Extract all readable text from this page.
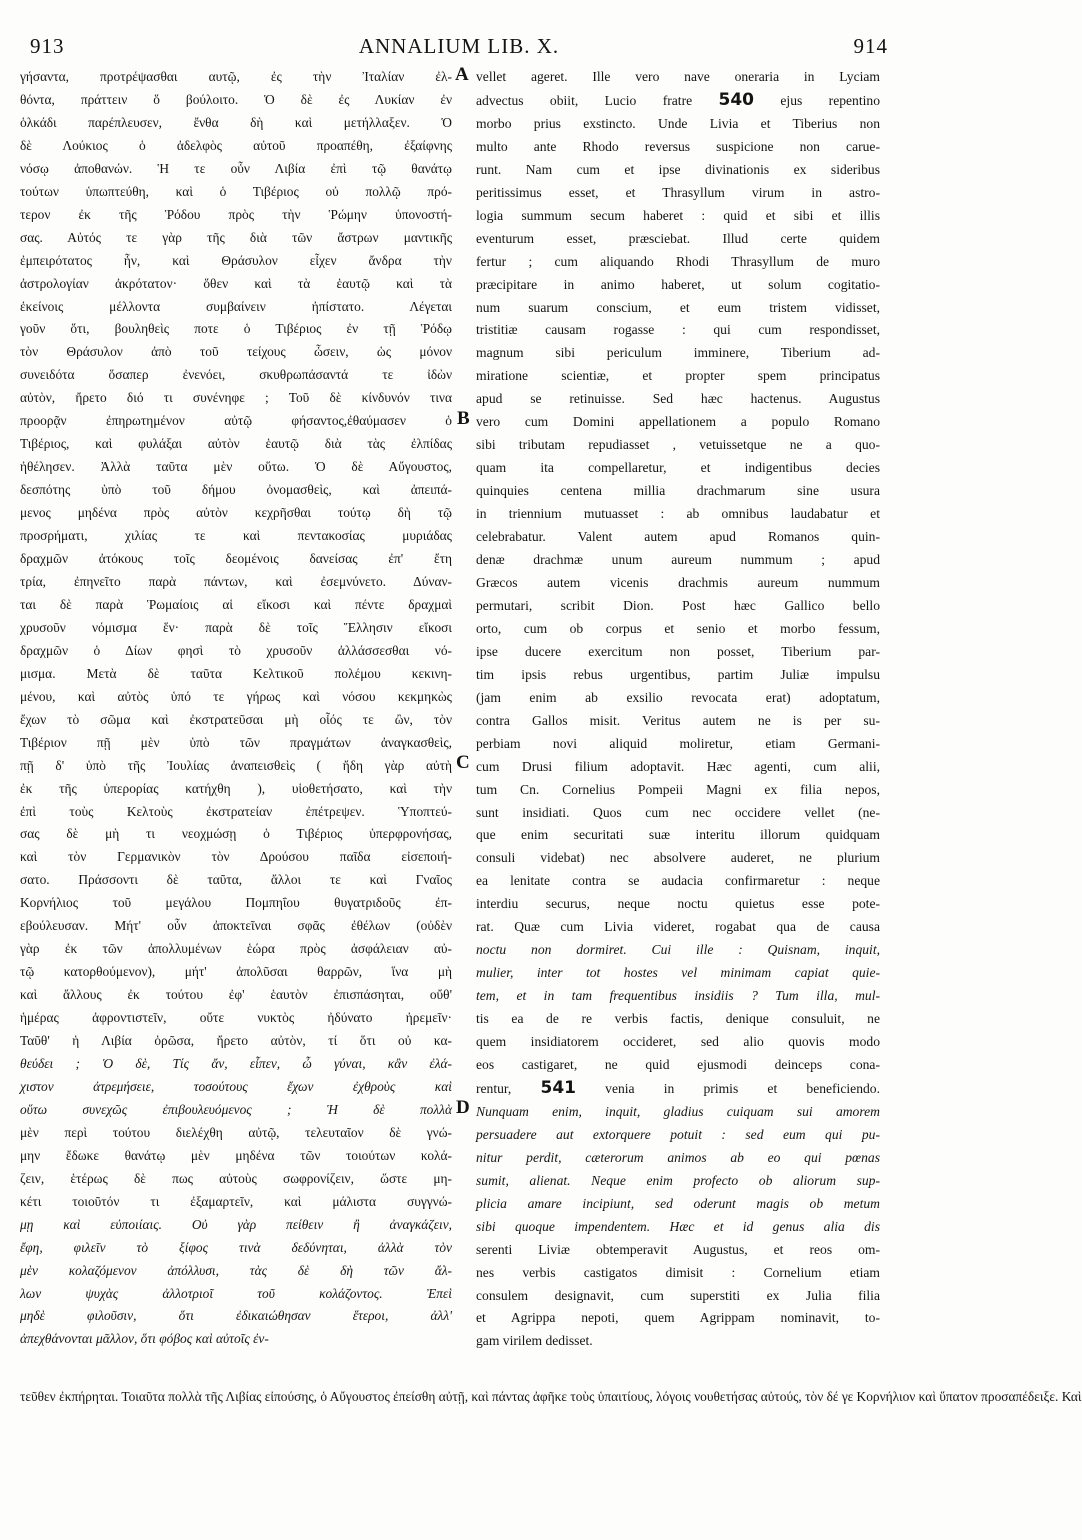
913	ANNALIUM LIB. X.	914
γήσαντα, προτρέψασθαι αυτῷ, ἐς τὴν Ἰταλίαν ἐλ-
θόντα, πράττειν ὅ βούλοιτο. Ὁ δὲ ἐς Λυκίαν ἐν
ὁλκάδι παρέπλευσεν, ἔνθα δὴ καὶ μετήλλαξεν. Ὁ
δὲ Λούκιος ὁ ἀδελφὸς αὐτοῦ προαπέθη, ἐξαίφνης
νόσῳ ἀποθανών. Ἡ τε οὖν Λιβία ἐπὶ τῷ θανάτῳ
τούτων ὑπωπτεύθη, καὶ ὁ Τιβέριος οὐ πολλῷ πρό-
τερον ἐκ τῆς Ῥόδου πρὸς τὴν Ῥώμην ὑπονοστή-
σας. Αὐτός τε γὰρ τῆς διὰ τῶν ἄστρων μαντικῆς
ἐμπειρότατος ἦν, καὶ Θράσυλον εἶχεν ἄνδρα τὴν
ἀστρολογίαν ἀκρότατον· ὅθεν καὶ τὰ ἑαυτῷ καὶ τὰ
ἐκείνοις μέλλοντα συμβαίνειν ἠπίστατο. Λέγεται
γοῦν ὅτι, βουληθεὶς ποτε ὁ Τιβέριος ἐν τῇ Ῥόδῳ
τὸν Θράσυλον ἀπὸ τοῦ τείχους ὦσειν, ὡς μόνον
συνειδότα ὅσαπερ ἐνενόει, σκυθρωπάσαντά τε ἰδὼν
αὐτὸν, ἤρετο διό τι συνένηφε ; Τοῦ δὲ κίνδυνόν τινα
προορᾷν ἐπηρωτημένον αὐτῷ φήσαντος,ἐθαύμασεν ὁ
Τιβέριος, καὶ φυλάξαι αὐτὸν ἑαυτῷ διὰ τὰς ἐλπίδας
ἠθέλησεν. Ἀλλὰ ταῦτα μὲν οὕτω. Ὁ δὲ Αὔγουστος,
δεσπότης ὑπὸ τοῦ δήμου ὀνομασθεὶς, καὶ ἀπειπά-
μενος μηδένα πρὸς αὐτὸν κεχρῆσθαι τούτῳ δὴ τῷ
προσρήματι, χιλίας τε καὶ πεντακοσίας μυριάδας
δραχμῶν ἀτόκους τοῖς δεομένοις δανείσας ἐπ' ἔτη
τρία, ἐπηνεῖτο παρὰ πάντων, καὶ ἐσεμνύνετο. Δύναν-
ται δὲ παρὰ Ῥωμαίοις αἱ εἴκοσι καὶ πέντε δραχμαὶ
χρυσοῦν νόμισμα ἕν· παρὰ δὲ τοῖς Ἕλλησιν εἴκοσι
δραχμῶν ὁ Δίων φησὶ τὸ χρυσοῦν ἀλλάσσεσθαι νό-
μισμα. Μετὰ δὲ ταῦτα Κελτικοῦ πολέμου κεκινη-
μένου, καὶ αὐτὸς ὑπό τε γήρως καὶ νόσου κεκμηκὼς
ἔχων τὸ σῶμα καὶ ἐκστρατεῦσαι μὴ οἷός τε ὢν, τὸν
Τιβέριον πῇ μὲν ὑπὸ τῶν πραγμάτων ἀναγκασθεὶς,
πῇ δ' ὑπὸ τῆς Ἰουλίας ἀναπεισθεὶς ( ἤδη γὰρ αὐτὴ
ἐκ τῆς ὑπερορίας κατήχθη ), υἱοθετήσατο, καὶ τὴν
ἐπὶ τοὺς Κελτοὺς ἐκστρατείαν ἐπέτρεψεν. Ὑποπτεύ-
σας δὲ μὴ τι νεοχμώσῃ ὁ Τιβέριος ὑπερφρονήσας,
καὶ τὸν Γερμανικὸν τὸν Δρούσου παῖδα εἰσεποιή-
σατο. Πράσσοντι δὲ ταῦτα, ἄλλοι τε καὶ Γναῖος
Κορνήλιος τοῦ μεγάλου Πομπηΐου θυγατριδοῦς ἐπ-
εβούλευσαν. Μήτ' οὖν ἀποκτεῖναι σφᾶς ἐθέλων (οὐδὲν
γὰρ ἐκ τῶν ἀπολλυμένων ἑώρα πρὸς ἀσφάλειαν αὐ-
τῷ κατορθούμενον), μήτ' ἀπολῦσαι θαρρῶν, ἵνα μὴ
καὶ ἄλλους ἐκ τούτου ἐφ' ἑαυτὸν ἐπισπάσηται, οὔθ'
ἡμέρας ἀφροντιστεῖν, οὔτε νυκτὸς ἠδύνατο ἠρεμεῖν·
Ταῦθ' ἡ Λιβία ὁρῶσα, ἤρετο αὐτὸν, τί ὅτι οὐ κα-
θεύδει ; Ὁ δὲ, Τίς ἄν, εἶπεν, ὦ γύναι, κἂν ἐλά-
χιστον ἀτρεμήσειε, τοσούτους ἔχων ἐχθροὺς καὶ
οὕτω συνεχῶς ἐπιβουλευόμενος ; Ἡ δὲ πολλὰ
μὲν περὶ τούτου διελέχθη αὐτῷ, τελευταῖον δὲ γνώ-
μην ἔδωκε θανάτῳ μὲν μηδένα τῶν τοιούτων κολά-
ζειν, ἑτέρως δὲ πως αὐτοὺς σωφρονίζειν, ὥστε μη-
κέτι τοιοῦτόν τι ἐξαμαρτεῖν, καὶ μάλιστα συγγνώ-
μῃ καὶ εὐποιίαις. Οὐ γὰρ πείθειν ἢ ἀναγκάζειν,
ἔφη, φιλεῖν τὸ ξίφος τινὰ δεδύνηται, ἀλλὰ τὸν
μὲν κολαζόμενον ἀπόλλυσι, τὰς δὲ δὴ τῶν ἄλ-
λων ψυχὰς ἀλλοτριοῖ τοῦ κολάζοντος. Ἐπεὶ
μηδὲ φιλοῦσιν, ὅτι ἐδικαιώθησαν ἕτεροι, ἀλλ'
ἀπεχθάνονται μᾶλλον, ὅτι φόβος καὶ αὐτοῖς ἐν-
vellet ageret. Ille vero nave oneraria in Lyciam
advectus obiit, Lucio fratre 540 ejus repentino
morbo prius exstincto. Unde Livia et Tiberius non
multo ante Rhodo reversus suspicione non carue-
runt. Nam cum et ipse divinationis ex sideribus
peritissimus esset, et Thrasyllum virum in astro-
logia summum secum haberet : quid et sibi et illis
eventurum esset, præsciebat. Illud certe quidem
fertur ; cum aliquando Rhodi Thrasyllum de muro
præcipitare in animo haberet, ut solum cogitatio-
num suarum conscium, et eum tristem vidisset,
tristitiæ causam rogasse : qui cum respondisset,
magnum sibi periculum imminere, Tiberium ad-
miratione scientiæ, et propter spem principatus
apud se retinuisse. Sed hæc hactenus. Augustus
vero cum Domini appellationem a populo Romano
sibi tributam repudiasset , vetuissetque ne a quo-
quam ita compellaretur, et indigentibus decies
quinquies centena millia drachmarum sine usura
in triennium mutuasset : ab omnibus laudabatur et
celebrabatur. Valent autem apud Romanos quin-
denæ drachmæ unum aureum nummum ; apud
Græcos autem vicenis drachmis aureum nummum
permutari, scribit Dion. Post hæc Gallico bello
orto, cum ob corpus et senio et morbo fessum,
ipse ducere exercitum non posset, Tiberium par-
tim ipsis rebus urgentibus, partim Juliæ impulsu
(jam enim ab exsilio revocata erat) adoptatum,
contra Gallos misit. Veritus autem ne is per su-
perbiam novi aliquid moliretur, etiam Germani-
cum Drusi filium adoptavit. Hæc agenti, cum alii,
tum Cn. Cornelius Pompeii Magni ex filia nepos,
sunt insidiati. Quos cum nec occidere vellet (ne-
que enim securitati suæ interitu illorum quidquam
consuli videbat) nec absolvere auderet, ne plurium
ea lenitate contra se audacia confirmaretur : neque
interdiu securus, neque noctu quietus esse pote-
rat. Quæ cum Livia videret, rogabat qua de causa
noctu non dormiret. Cui ille : Quisnam, inquit,
mulier, inter tot hostes vel minimam capiat quie-
tem, et in tam frequentibus insidiis ? Tum illa, mul-
tis ea de re verbis factis, denique consuluit, ne
quem insidiatorem occideret, sed alio quovis modo
eos castigaret, ne quid ejusmodi deinceps cona-
rentur, 541 venia in primis et beneficiendo.
Nunquam enim, inquit, gladius cuiquam sui amorem
persuadere aut extorquere potuit : sed eum qui pu-
nitur perdit, cæterorum animos ab eo qui pœnas
sumit, alienat. Neque enim profecto ob aliorum sup-
plicia amare incipiunt, sed oderunt magis ob metum
sibi quoque impendentem. Hæc et id genus alia dis
serenti Liviæ obtemperavit Augustus, et reos om-
nes verbis castigatos dimisit : Cornelium etiam
consulem designavit, cum superstiti ex Julia filia
et Agrippa nepoti, quem Agrippam nominavit, to-
gam virilem dedisset.
A
B
C
D
τεῦθεν ἐκπήρηται. Τοιαῦτα πολλὰ τῆς Λιβίας εἰπούσης, ὁ Αὔγουστος ἐπείσθη αὐτῇ, καὶ πάντας ἀφῆκε τοὺς ὑπαιτίους, λόγοις νουθετήσας αὐτούς, τὸν δέ γε Κορνήλιον καὶ ὕπατον προσαπέδειξε. Καὶ
